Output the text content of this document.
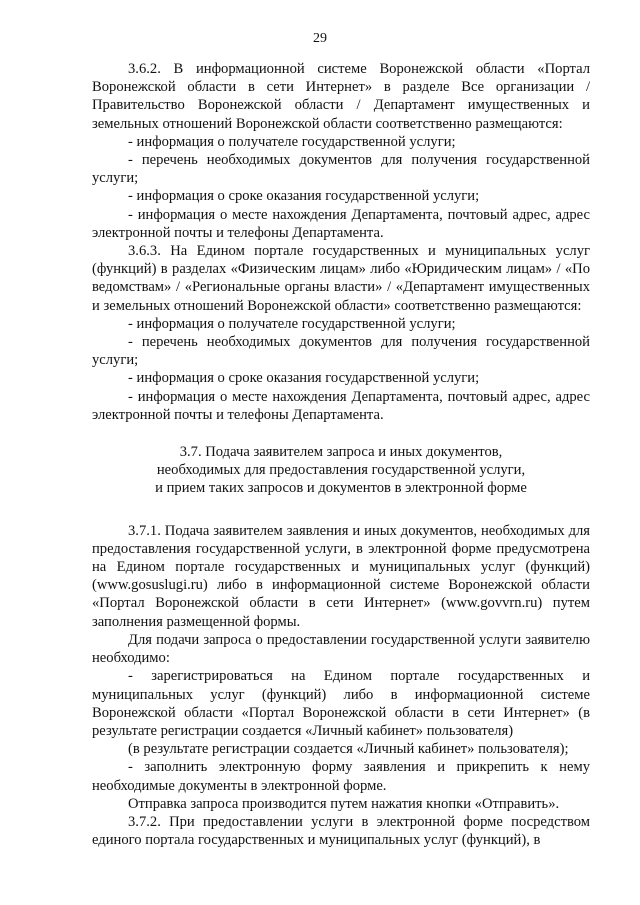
29

3.6.2. В информационной системе Воронежской области «Портал Воронежской области в сети Интернет» в разделе Все организации / Правительство Воронежской области / Департамент имущественных и земельных отношений Воронежской области соответственно размещаются:

- информация о получателе государственной услуги;

- перечень необходимых документов для получения государственной услуги;

- информация о сроке оказания государственной услуги;

- информация о месте нахождения Департамента, почтовый адрес, адрес электронной почты и телефоны Департамента.

3.6.3. На Едином портале государственных и муниципальных услуг (функций) в разделах «Физическим лицам» либо «Юридическим лицам» / «По ведомствам» / «Региональные органы власти» / «Департамент имущественных и земельных отношений Воронежской области» соответственно размещаются:

- информация о получателе государственной услуги;

- перечень необходимых документов для получения государственной услуги;

- информация о сроке оказания государственной услуги;

- информация о месте нахождения Департамента, почтовый адрес, адрес электронной почты и телефоны Департамента.

3.7. Подача заявителем запроса и иных документов,

необходимых для предоставления государственной услуги,

и прием таких запросов и документов в электронной форме

3.7.1. Подача заявителем заявления и иных документов, необходимых для предоставления государственной услуги, в электронной форме предусмотрена на Едином портале государственных и муниципальных услуг (функций) (www.gosuslugi.ru) либо в информационной системе Воронежской области «Портал Воронежской области в сети Интернет» (www.govvrn.ru) путем заполнения размещенной формы.

Для подачи запроса о предоставлении государственной услуги заявителю необходимо:

- зарегистрироваться на Едином портале государственных и муниципальных услуг (функций) либо в информационной системе Воронежской области «Портал Воронежской области в сети Интернет» (в результате регистрации создается «Личный кабинет» пользователя)

(в результате регистрации создается «Личный кабинет» пользователя);

- заполнить электронную форму заявления и прикрепить к нему необходимые документы в электронной форме.

Отправка запроса производится путем нажатия кнопки «Отправить».

3.7.2. При предоставлении услуги в электронной форме посредством единого портала государственных и муниципальных услуг (функций), в
